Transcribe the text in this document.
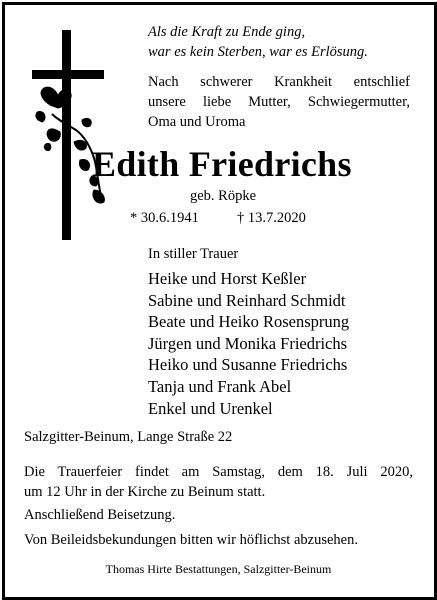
Als die Kraft zu Ende ging,
war es kein Sterben, war es Erlösung.
Nach schwerer Krankheit entschlief
unsere liebe Mutter, Schwiegermutter,
Oma und Uroma
Edith Friedrichs
geb. Röpke
* 30.6.1941	† 13.7.2020
In stiller Trauer
Heike und Horst Keßler
Sabine und Reinhard Schmidt
Beate und Heiko Rosensprung
Jürgen und Monika Friedrichs
Heiko und Susanne Friedrichs
Tanja und Frank Abel
Enkel und Urenkel
Salzgitter-Beinum, Lange Straße 22
Die Trauerfeier findet am Samstag, dem 18. Juli 2020,
um 12 Uhr in der Kirche zu Beinum statt.
Anschließend Beisetzung.
Von Beileidsbekundungen bitten wir höflichst abzusehen.
Thomas Hirte Bestattungen, Salzgitter-Beinum
